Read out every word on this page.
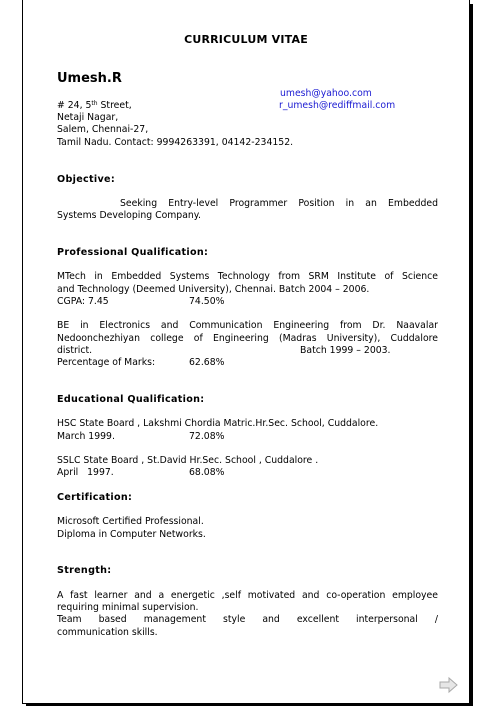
CURRICULUM VITAE
Umesh.R
umesh@yahoo.com
r_umesh@rediffmail.com
# 24, 5th Street,
Netaji Nagar,
Salem, Chennai-27,
Tamil Nadu. Contact: 9994263391, 04142-234152.
Objective:
Seeking Entry-level Programmer Position in an Embedded
Systems Developing Company.
Professional Qualification:
MTech in Embedded Systems Technology from SRM Institute of Science
and Technology (Deemed University), Chennai. Batch 2004 – 2006.
CGPA: 7.45	74.50%
BE in Electronics and Communication Engineering from Dr. Naavalar
Nedoonchezhiyan college of Engineering (Madras University), Cuddalore
district.	Batch 1999 – 2003.
Percentage of Marks:	62.68%
Educational Qualification:
HSC State Board , Lakshmi Chordia Matric.Hr.Sec. School, Cuddalore.
March 1999.	72.08%
SSLC State Board , St.David Hr.Sec. School , Cuddalore .
April   1997.	68.08%
Certification:
Microsoft Certified Professional.
Diploma in Computer Networks.
Strength:
A fast learner and a energetic ,self motivated and co-operation employee
requiring minimal supervision.
Team based management style and excellent interpersonal /
communication skills.
